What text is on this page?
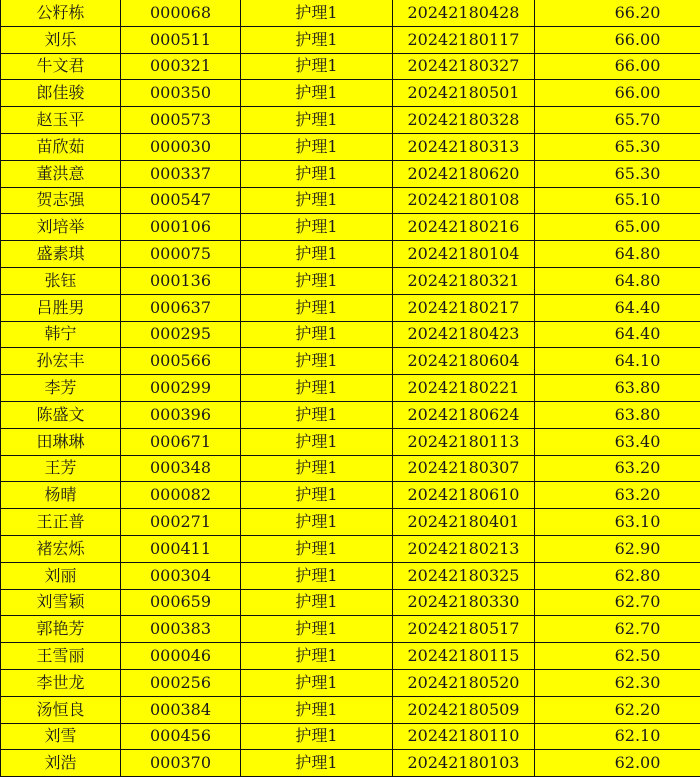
公籽栋	000068	护理1	20242180428	66.20
刘乐	000511	护理1	20242180117	66.00
牛文君	000321	护理1	20242180327	66.00
郎佳骏	000350	护理1	20242180501	66.00
赵玉平	000573	护理1	20242180328	65.70
苗欣茹	000030	护理1	20242180313	65.30
董洪意	000337	护理1	20242180620	65.30
贺志强	000547	护理1	20242180108	65.10
刘培举	000106	护理1	20242180216	65.00
盛素琪	000075	护理1	20242180104	64.80
张钰	000136	护理1	20242180321	64.80
吕胜男	000637	护理1	20242180217	64.40
韩宁	000295	护理1	20242180423	64.40
孙宏丰	000566	护理1	20242180604	64.10
李芳	000299	护理1	20242180221	63.80
陈盛文	000396	护理1	20242180624	63.80
田琳琳	000671	护理1	20242180113	63.40
王芳	000348	护理1	20242180307	63.20
杨晴	000082	护理1	20242180610	63.20
王正普	000271	护理1	20242180401	63.10
褚宏烁	000411	护理1	20242180213	62.90
刘丽	000304	护理1	20242180325	62.80
刘雪颖	000659	护理1	20242180330	62.70
郭艳芳	000383	护理1	20242180517	62.70
王雪丽	000046	护理1	20242180115	62.50
李世龙	000256	护理1	20242180520	62.30
汤恒良	000384	护理1	20242180509	62.20
刘雪	000456	护理1	20242180110	62.10
刘浩	000370	护理1	20242180103	62.00
